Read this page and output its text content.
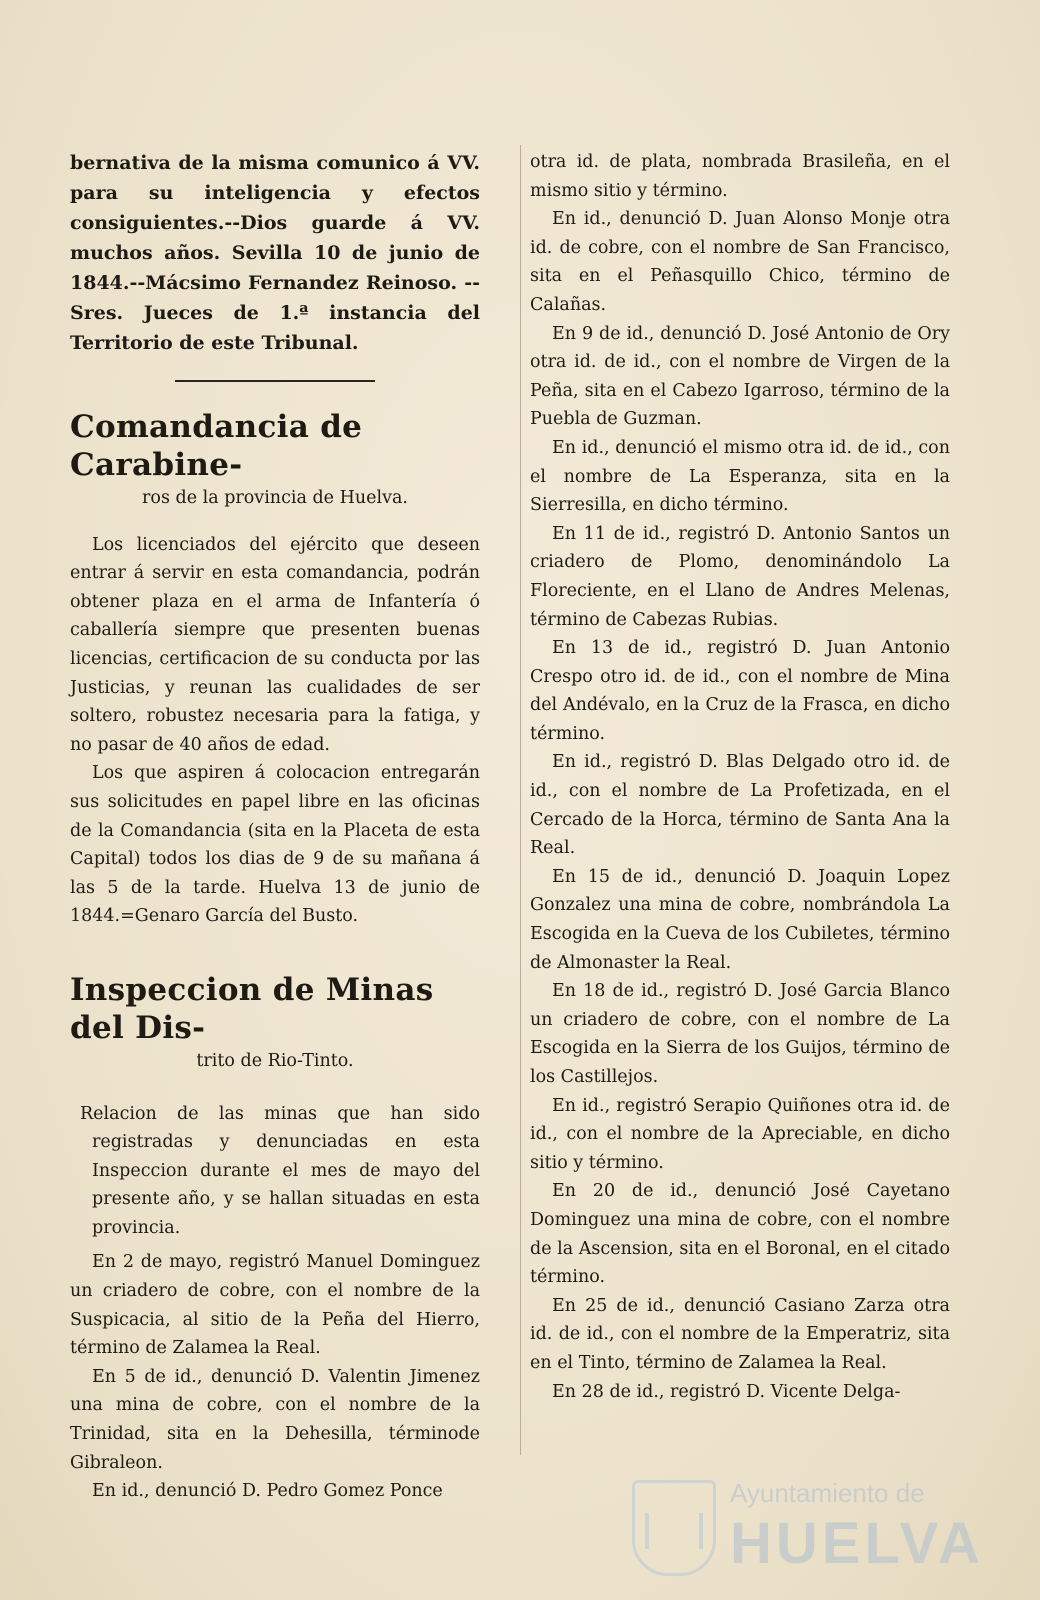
bernativa de la misma comunico á VV. para su inteligencia y efectos consiguientes.--Dios guarde á VV. muchos años. Sevilla 10 de junio de 1844.--Mácsimo Fernandez Reinoso. --Sres. Jueces de 1.ª instancia del Territorio de este Tribunal.

Comandancia de Carabine-
ros de la provincia de Huelva.

Los licenciados del ejército que deseen entrar á servir en esta comandancia, podrán obtener plaza en el arma de Infantería ó caballería siempre que presenten buenas licencias, certificacion de su conducta por las Justicias, y reunan las cualidades de ser soltero, robustez necesaria para la fatiga, y no pasar de 40 años de edad.

Los que aspiren á colocacion entregarán sus solicitudes en papel libre en las oficinas de la Comandancia (sita en la Placeta de esta Capital) todos los dias de 9 de su mañana á las 5 de la tarde. Huelva 13 de junio de 1844.=Genaro García del Busto.

Inspeccion de Minas del Dis-
trito de Rio-Tinto.

Relacion de las minas que han sido registradas y denunciadas en esta Inspeccion durante el mes de mayo del presente año, y se hallan situadas en esta provincia.

En 2 de mayo, registró Manuel Dominguez un criadero de cobre, con el nombre de la Suspicacia, al sitio de la Peña del Hierro, término de Zalamea la Real.

En 5 de id., denunció D. Valentin Jimenez una mina de cobre, con el nombre de la Trinidad, sita en la Dehesilla, términode Gibraleon.

En id., denunció D. Pedro Gomez Ponce

otra id. de plata, nombrada Brasileña, en el mismo sitio y término.

En id., denunció D. Juan Alonso Monje otra id. de cobre, con el nombre de San Francisco, sita en el Peñasquillo Chico, término de Calañas.

En 9 de id., denunció D. José Antonio de Ory otra id. de id., con el nombre de Virgen de la Peña, sita en el Cabezo Igarroso, término de la Puebla de Guzman.

En id., denunció el mismo otra id. de id., con el nombre de La Esperanza, sita en la Sierresilla, en dicho término.

En 11 de id., registró D. Antonio Santos un criadero de Plomo, denominándolo La Floreciente, en el Llano de Andres Melenas, término de Cabezas Rubias.

En 13 de id., registró D. Juan Antonio Crespo otro id. de id., con el nombre de Mina del Andévalo, en la Cruz de la Frasca, en dicho término.

En id., registró D. Blas Delgado otro id. de id., con el nombre de La Profetizada, en el Cercado de la Horca, término de Santa Ana la Real.

En 15 de id., denunció D. Joaquin Lopez Gonzalez una mina de cobre, nombrándola La Escogida en la Cueva de los Cubiletes, término de Almonaster la Real.

En 18 de id., registró D. José Garcia Blanco un criadero de cobre, con el nombre de La Escogida en la Sierra de los Guijos, término de los Castillejos.

En id., registró Serapio Quiñones otra id. de id., con el nombre de la Apreciable, en dicho sitio y término.

En 20 de id., denunció José Cayetano Dominguez una mina de cobre, con el nombre de la Ascension, sita en el Boronal, en el citado término.

En 25 de id., denunció Casiano Zarza otra id. de id., con el nombre de la Emperatriz, sita en el Tinto, término de Zalamea la Real.

En 28 de id., registró D. Vicente Delga-

Ayuntamiento de
HUELVA
